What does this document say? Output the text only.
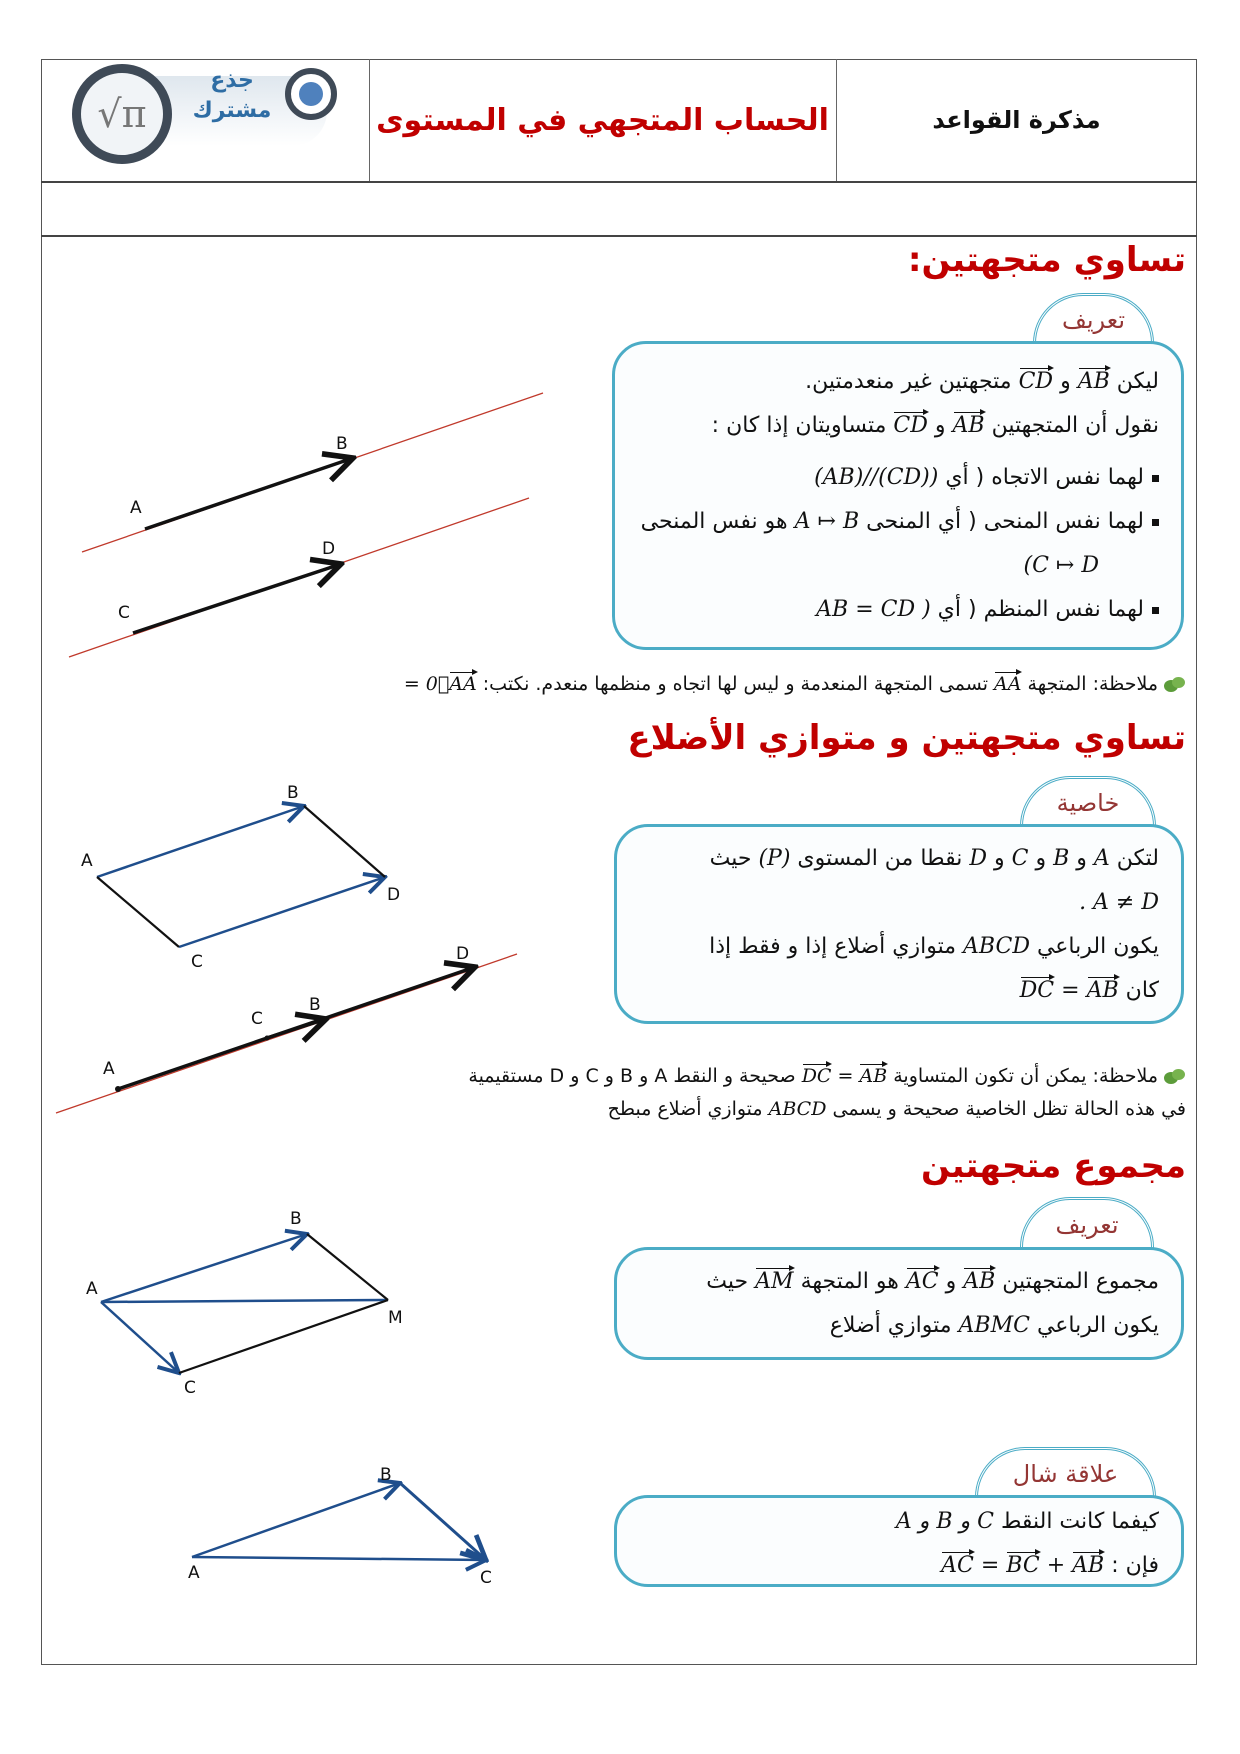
مذكرة القواعد
الحساب المتجهي في المستوى
√π
جذع
مشترك
A
B
C
D
A
B
D
C
A
C
B
D
B
A
M
C
B
A	C
تساوي متجهتين:
تعريف
ليكن AB و CD متجهتين غير منعدمتين.
نقول أن المتجهتين AB و CD متساويتان إذا كان :
لهما نفس الاتجاه ( أي (AB)//(CD))
لهما نفس المنحى ( أي المنحى A ↦ B هو نفس المنحى
(C ↦ D
لهما نفس المنظم ( أي AB = CD )
ملاحظة: المتجهة AA تسمى المتجهة المنعدمة و ليس لها اتجاه و منظمها منعدم. نكتب: AA= 0⃗
تساوي متجهتين و متوازي الأضلاع
خاصية
لتكن A و B و C و D نقطا من المستوى (P) حيث
. A ≠ D
يكون الرباعي ABCD متوازي أضلاع إذا و فقط إذا
كان AB = DC
ملاحظة: يمكن أن تكون المتساوية AB = DC صحيحة و النقط A و B و C و D مستقيمية
في هذه الحالة تظل الخاصية صحيحة و يسمى ABCD متوازي أضلاع مبطح
مجموع متجهتين
تعريف
مجموع المتجهتين AB و AC هو المتجهة AM حيث
يكون الرباعي ABMC متوازي أضلاع
علاقة شال
كيفما كانت النقط A و B و C
فإن : AB + BC = AC
